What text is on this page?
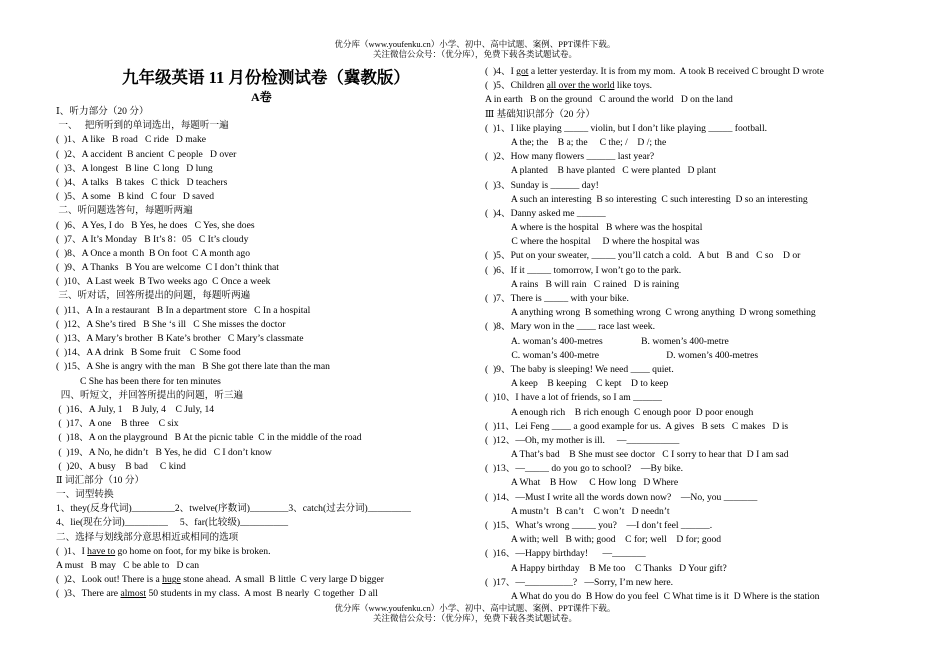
优分库（www.youfenku.cn）小学、初中、高中试题、案例、PPT课件下载。
关注微信公众号：（优分库），免费下载各类试题试卷。
九年级英语 11 月份检测试卷（冀教版）
A卷
Ⅰ、听力部分（20 分）
一、   把所听到的单词选出，每题听一遍
(  )1、A like   B road   C ride   D make
(  )2、A accident  B ancient  C people   D over
(  )3、A longest   B line  C long   D lung
(  )4、A talks   B takes   C thick   D teachers
(  )5、A some   B kind   C four   D saved
二、听问题选答句，每题听两遍
(  )6、A Yes, I do   B Yes, he does   C Yes, she does
(  )7、A It’s Monday   B It’s 8：05   C It’s cloudy
(  )8、A Once a month  B On foot  C A month ago
(  )9、A Thanks   B You are welcome  C I don’t think that
(  )10、A Last week  B Two weeks ago  C Once a week
三、听对话，回答所提出的问题，每题听两遍
(  )11、A In a restaurant   B In a department store   C In a hospital
(  )12、A She’s tired   B She ‘s ill   C She misses the doctor
(  )13、A Mary’s brother  B Kate’s brother   C Mary’s classmate
(  )14、A A drink   B Some fruit    C Some food
(  )15、A She is angry with the man   B She got there late than the man
C She has been there for ten minutes
四、听短文，并回答所提出的问题，听三遍
(  )16、A July, 1    B July, 4    C July, 14
(  )17、A one    B three    C six
(  )18、A on the playground   B At the picnic table  C in the middle of the road
(  )19、A No, he didn’t   B Yes, he did   C I don’t know
(  )20、A busy    B bad     C kind
Ⅱ 词汇部分（10 分）
一、词型转换
1、they(反身代词)_________2、twelve(序数词)________3、catch(过去分词)_________
4、lie(现在分词)_________     5、far(比较级)__________
二、选择与划线部分意思相近或相同的选项
(  )1、I have to go home on foot, for my bike is broken.
A must   B may   C be able to   D can
(  )2、Look out! There is a huge stone ahead.  A small  B little  C very large D bigger
(  )3、There are almost 50 students in my class.  A most  B nearly  C together  D all
(  )4、I got a letter yesterday. It is from my mom.  A took B received C brought D wrote
(  )5、Children all over the world like toys.
A in earth   B on the ground   C around the world   D on the land
Ⅲ 基础知识部分（20 分）
(  )1、I like playing _____ violin, but I don’t like playing _____ football.
A the; the    B a; the     C the; /    D /; the
(  )2、How many flowers ______ last year?
A planted    B have planted   C were planted   D plant
(  )3、Sunday is ______ day!
A such an interesting  B so interesting  C such interesting  D so an interesting
(  )4、Danny asked me ______
A where is the hospital   B where was the hospital
C where the hospital     D where the hospital was
(  )5、Put on your sweater, _____ you’ll catch a cold.   A but   B and   C so    D or
(  )6、If it _____ tomorrow, I won’t go to the park.
A rains   B will rain   C rained   D is raining
(  )7、There is _____ with your bike.
A anything wrong  B something wrong  C wrong anything  D wrong something
(  )8、Mary won in the ____ race last week.
A. woman’s 400-metres                B. women’s 400-metre
C. woman’s 400-metre                            D. women’s 400-metres
(  )9、The baby is sleeping! We need ____ quiet.
A keep    B keeping    C kept    D to keep
(  )10、I have a lot of friends, so I am ______
A enough rich    B rich enough  C enough poor  D poor enough
(  )11、Lei Feng ____ a good example for us.  A gives   B sets   C makes   D is
(  )12、—Oh, my mother is ill.     —___________
A That’s bad    B She must see doctor   C I sorry to hear that  D I am sad
(  )13、—_____ do you go to school?    —By bike.
A What    B How     C How long   D Where
(  )14、—Must I write all the words down now?    —No, you _______
A mustn’t   B can’t    C won’t   D needn’t
(  )15、What’s wrong _____ you?    —I don’t feel ______.
A with; well   B with; good    C for; well    D for; good
(  )16、—Happy birthday!      —_______
A Happy birthday    B Me too    C Thanks   D Your gift?
(  )17、—__________?   —Sorry, I’m new here.
A What do you do  B How do you feel  C What time is it  D Where is the station
优分库（www.youfenku.cn）小学、初中、高中试题、案例、PPT课件下载。
关注微信公众号：（优分库），免费下载各类试题试卷。
